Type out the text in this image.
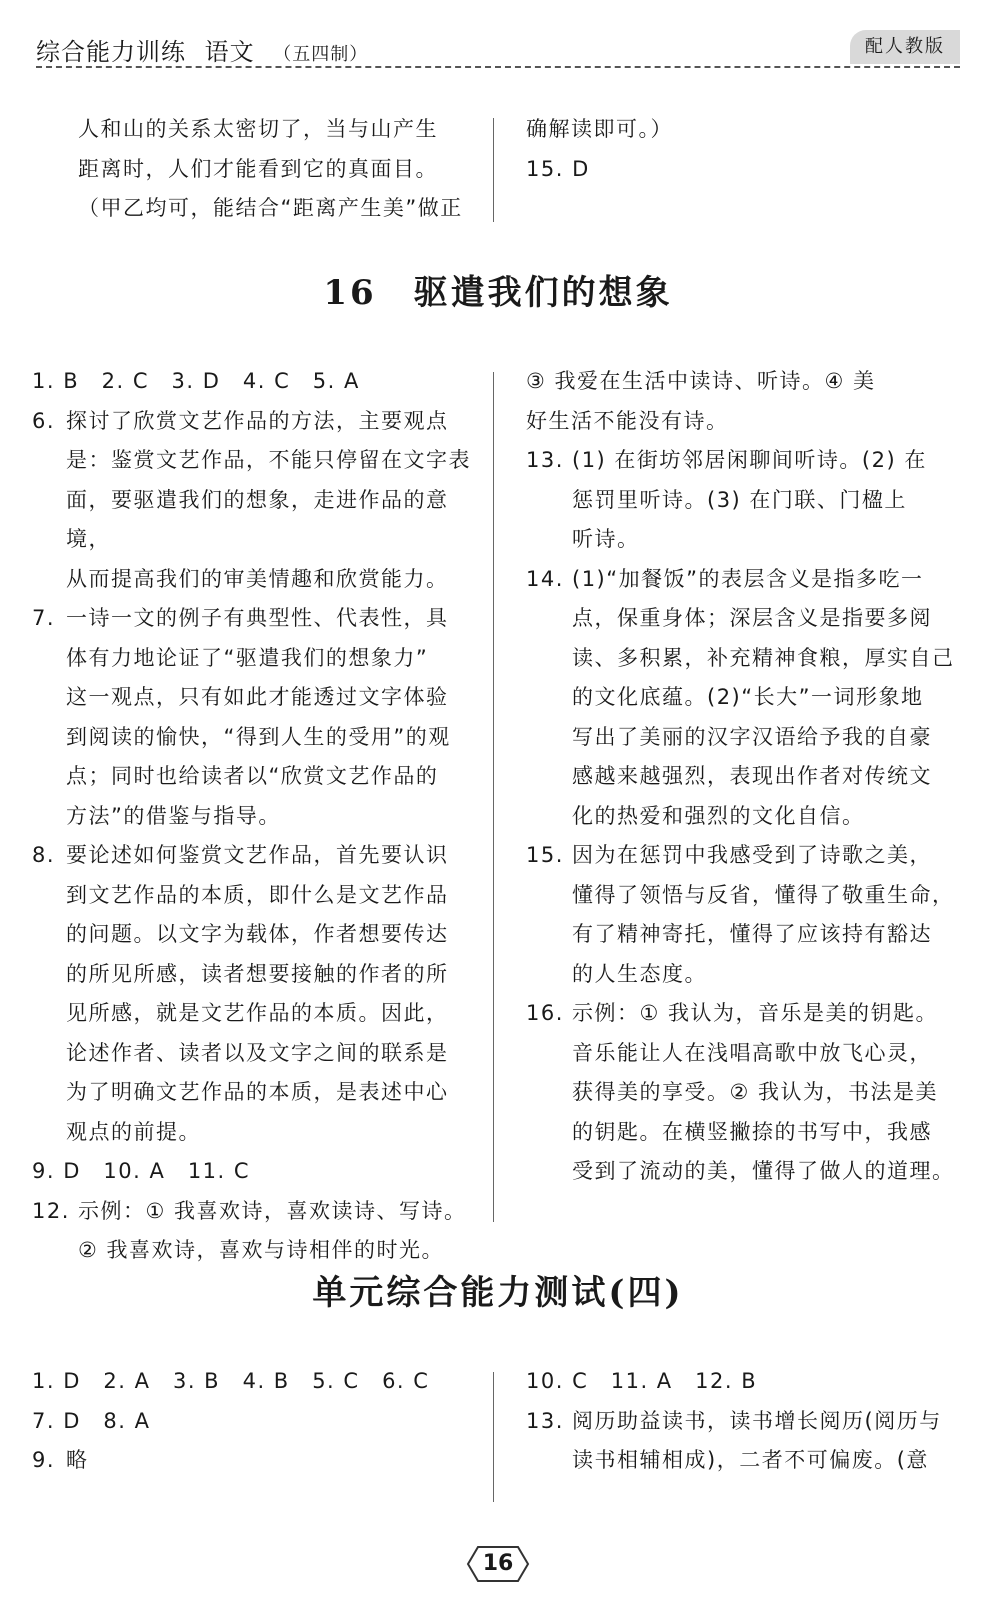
综合能力训练 语文 （五四制）	配人教版
人和山的关系太密切了，当与山产生
距离时，人们才能看到它的真面目。
（甲乙均可，能结合“距离产生美”做正
确解读即可。）
15. D
16　驱遣我们的想象
1. B　2. C　3. D　4. C　5. A
6. 探讨了欣赏文艺作品的方法，主要观点
是：鉴赏文艺作品，不能只停留在文字表
面，要驱遣我们的想象，走进作品的意境，
从而提高我们的审美情趣和欣赏能力。
7. 一诗一文的例子有典型性、代表性，具
体有力地论证了“驱遣我们的想象力”
这一观点，只有如此才能透过文字体验
到阅读的愉快，“得到人生的受用”的观
点；同时也给读者以“欣赏文艺作品的
方法”的借鉴与指导。
8. 要论述如何鉴赏文艺作品，首先要认识
到文艺作品的本质，即什么是文艺作品
的问题。以文字为载体，作者想要传达
的所见所感，读者想要接触的作者的所
见所感，就是文艺作品的本质。因此，
论述作者、读者以及文字之间的联系是
为了明确文艺作品的本质，是表述中心
观点的前提。
9. D　10. A　11. C
12. 示例：① 我喜欢诗，喜欢读诗、写诗。
② 我喜欢诗，喜欢与诗相伴的时光。
③ 我爱在生活中读诗、听诗。④ 美
好生活不能没有诗。
13. (1) 在街坊邻居闲聊间听诗。(2) 在
惩罚里听诗。(3) 在门联、门楹上
听诗。
14. (1)“加餐饭”的表层含义是指多吃一
点，保重身体；深层含义是指要多阅
读、多积累，补充精神食粮，厚实自己
的文化底蕴。(2)“长大”一词形象地
写出了美丽的汉字汉语给予我的自豪
感越来越强烈，表现出作者对传统文
化的热爱和强烈的文化自信。
15. 因为在惩罚中我感受到了诗歌之美，
懂得了领悟与反省，懂得了敬重生命，
有了精神寄托，懂得了应该持有豁达
的人生态度。
16. 示例：① 我认为，音乐是美的钥匙。
音乐能让人在浅唱高歌中放飞心灵，
获得美的享受。② 我认为，书法是美
的钥匙。在横竖撇捺的书写中，我感
受到了流动的美，懂得了做人的道理。
单元综合能力测试(四)
1. D　2. A　3. B　4. B　5. C　6. C
7. D　8. A
9. 略
10. C　11. A　12. B
13. 阅历助益读书，读书增长阅历(阅历与
读书相辅相成)，二者不可偏废。(意
16
